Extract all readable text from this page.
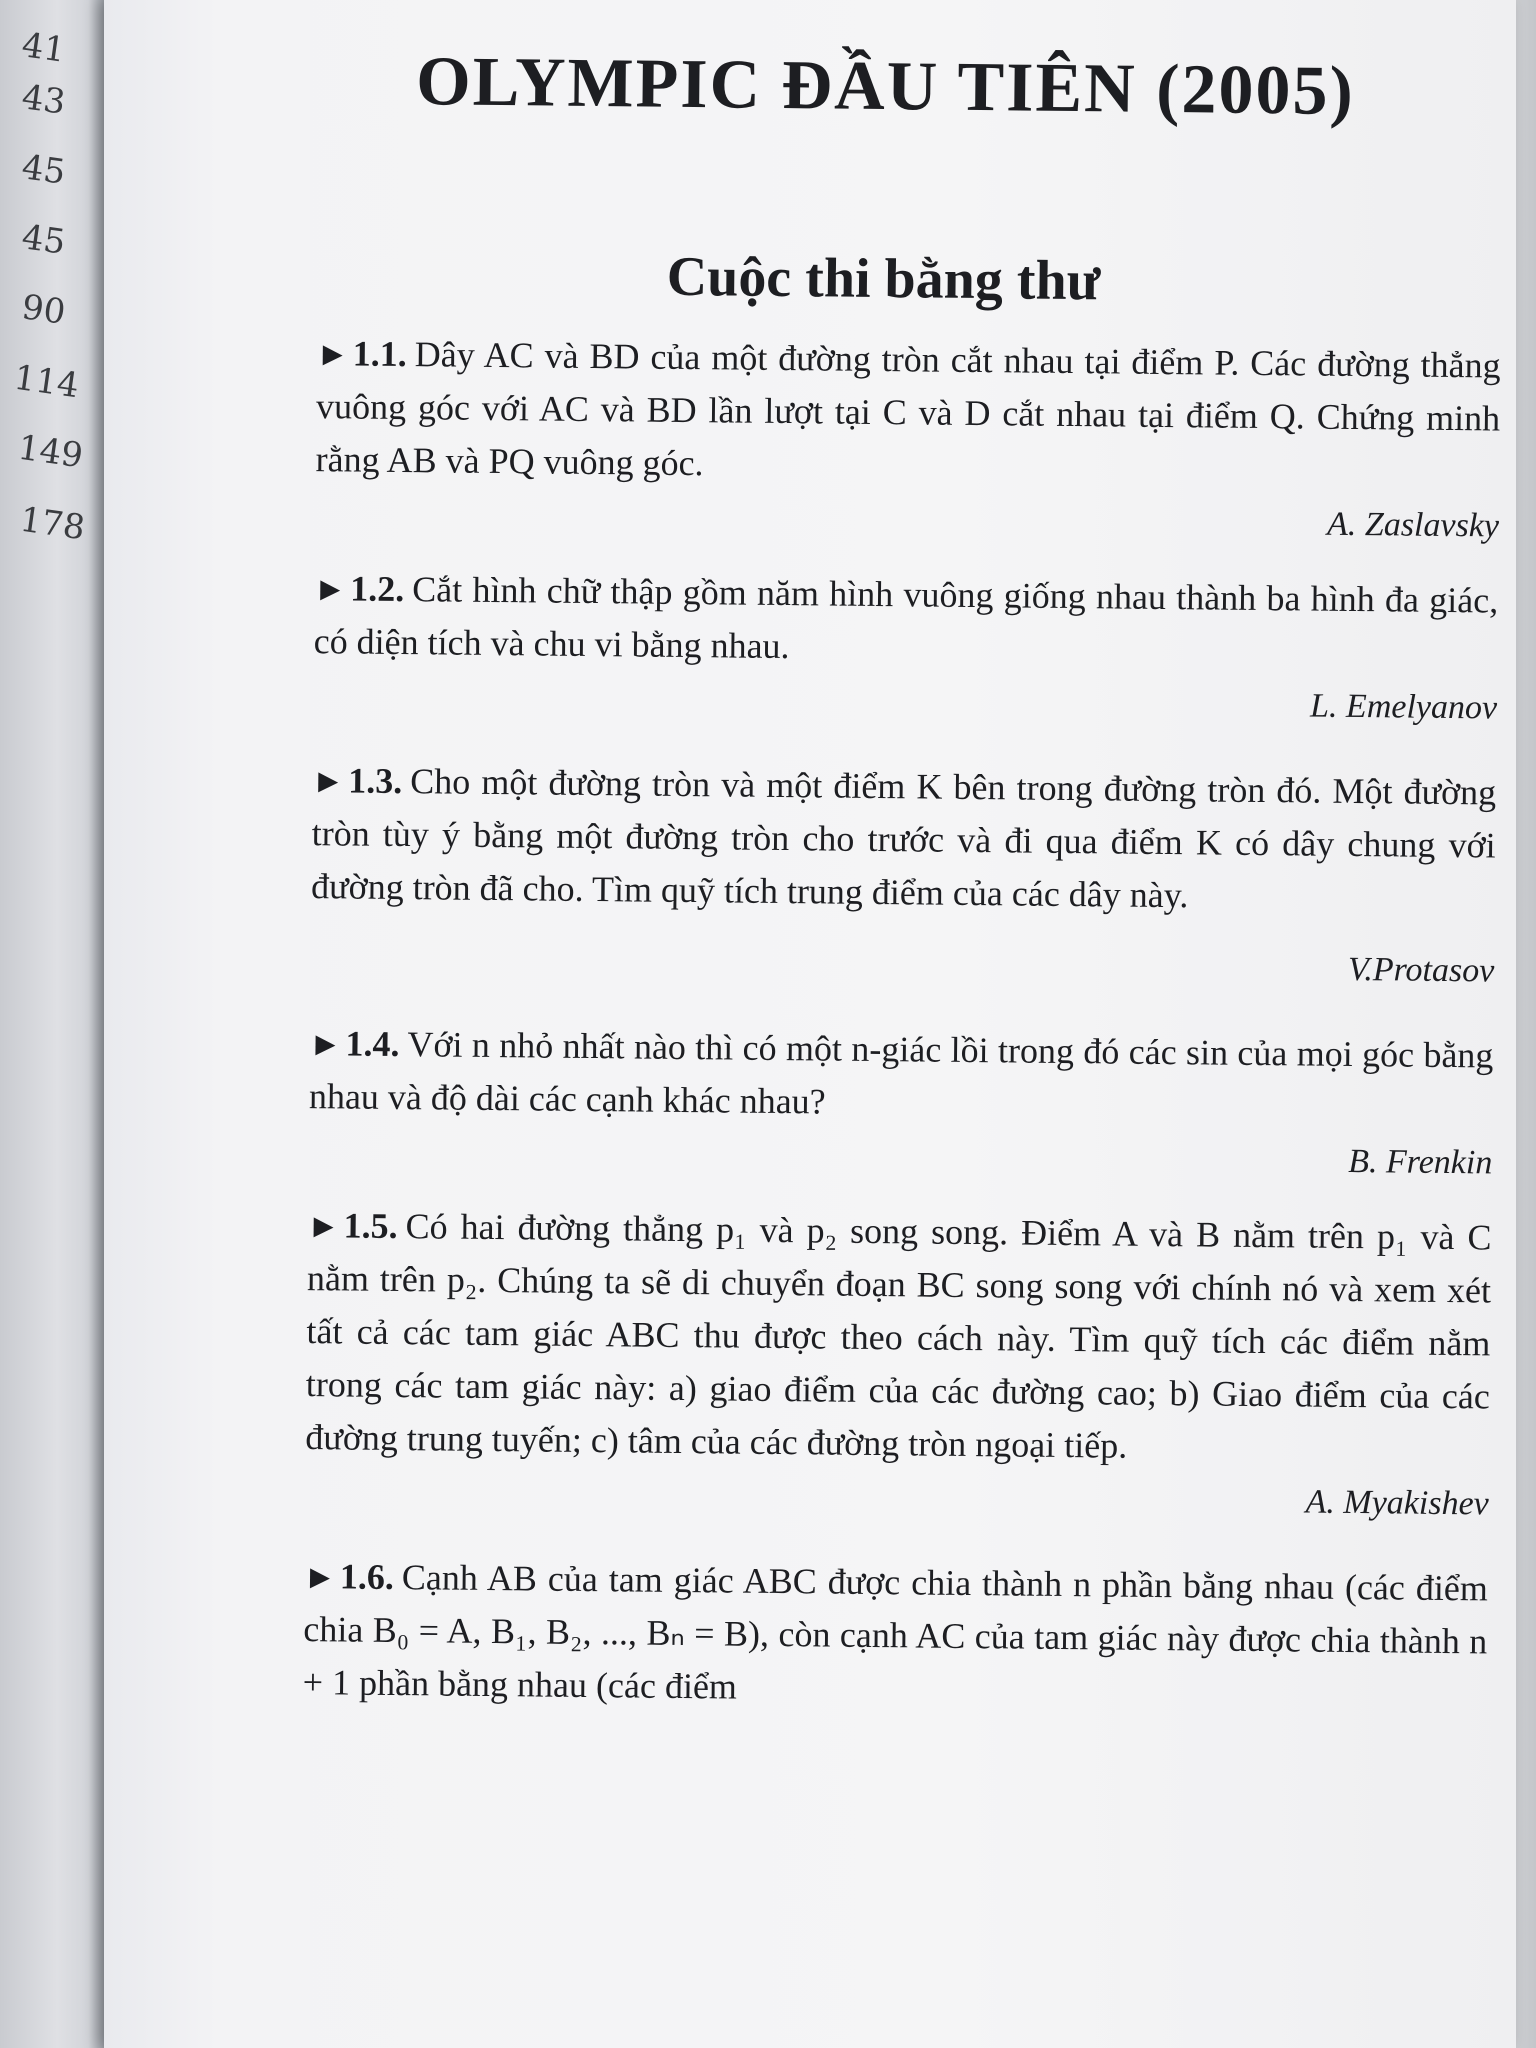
41
43
45
45
90
114
149
178
OLYMPIC ĐẦU TIÊN (2005)
Cuộc thi bằng thư

▶ 1.1. Dây AC và BD của một đường tròn cắt nhau tại điểm P. Các đường thẳng vuông góc với AC và BD lần lượt tại C và D cắt nhau tại điểm Q. Chứng minh rằng AB và PQ vuông góc.

A. Zaslavsky

▶ 1.2. Cắt hình chữ thập gồm năm hình vuông giống nhau thành ba hình đa giác, có diện tích và chu vi bằng nhau.

L. Emelyanov

▶ 1.3. Cho một đường tròn và một điểm K bên trong đường tròn đó. Một đường tròn tùy ý bằng một đường tròn cho trước và đi qua điểm K có dây chung với đường tròn đã cho. Tìm quỹ tích trung điểm của các dây này.

V.Protasov

▶ 1.4. Với n nhỏ nhất nào thì có một n-giác lồi trong đó các sin của mọi góc bằng nhau và độ dài các cạnh khác nhau?

B. Frenkin

▶ 1.5. Có hai đường thẳng p₁ và p₂ song song. Điểm A và B nằm trên p₁ và C nằm trên p₂. Chúng ta sẽ di chuyển đoạn BC song song với chính nó và xem xét tất cả các tam giác ABC thu được theo cách này. Tìm quỹ tích các điểm nằm trong các tam giác này: a) giao điểm của các đường cao; b) Giao điểm của các đường trung tuyến; c) tâm của các đường tròn ngoại tiếp.

A. Myakishev

▶ 1.6. Cạnh AB của tam giác ABC được chia thành n phần bằng nhau (các điểm chia B₀ = A, B₁, B₂, ..., Bₙ = B), còn cạnh AC của tam giác này được chia thành n + 1 phần bằng nhau (các điểm
